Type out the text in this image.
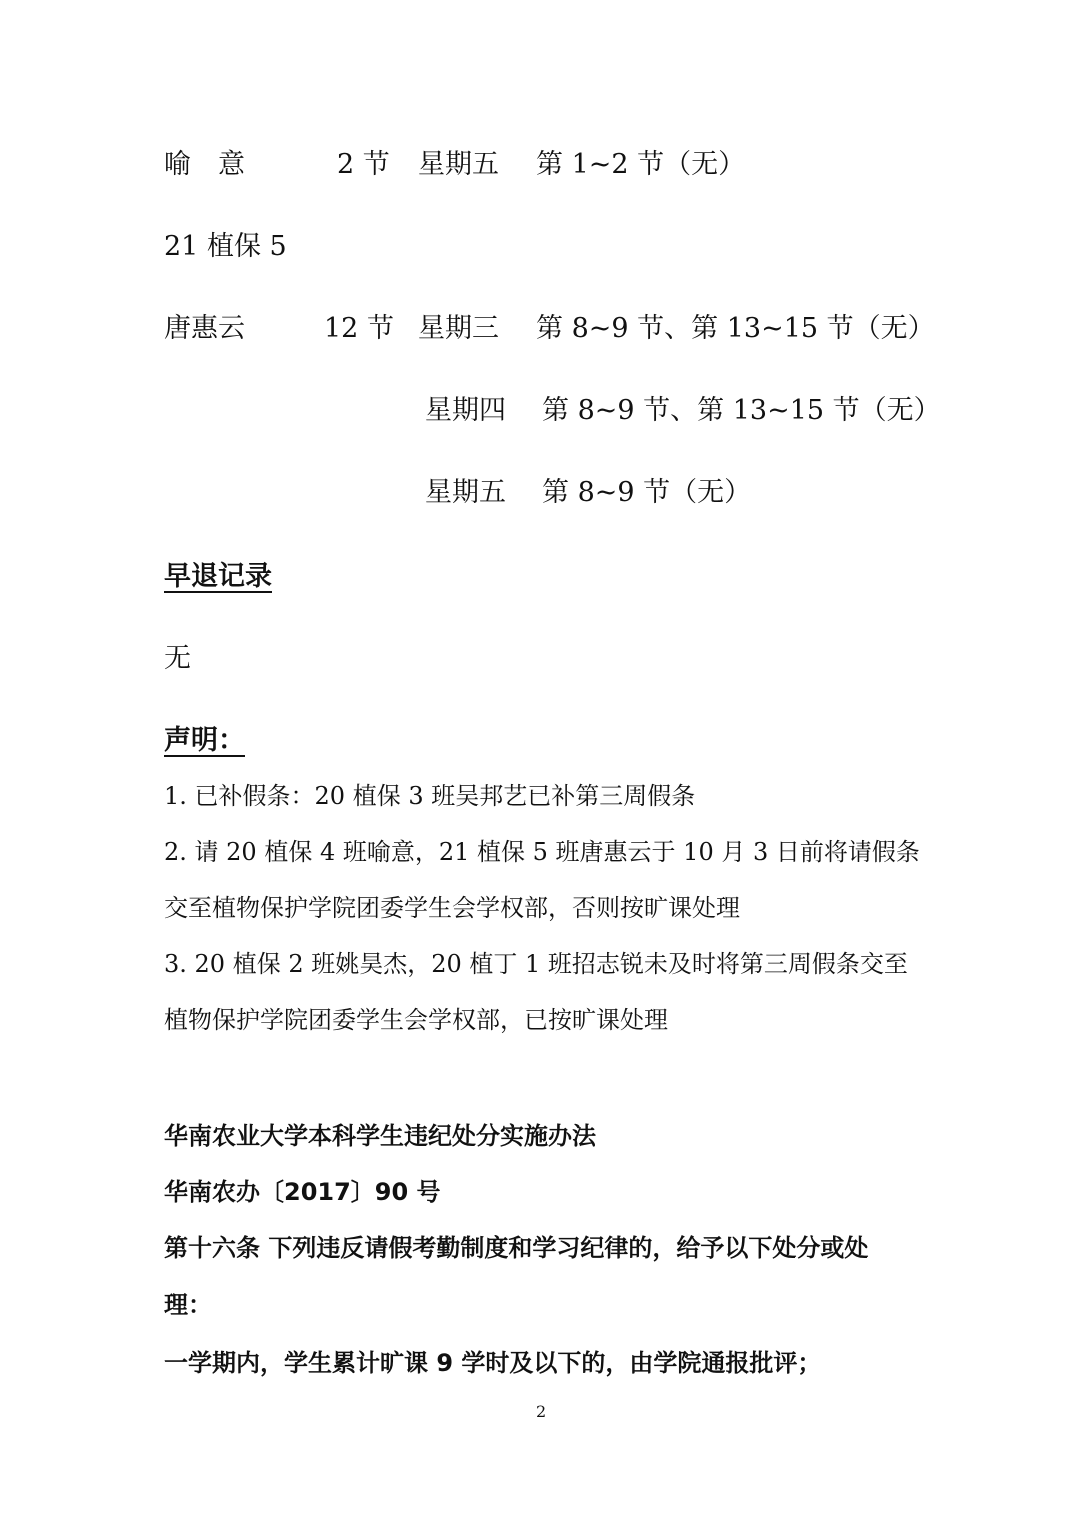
喻　意	2 节 星期五 第 1~2 节（无）
21 植保 5
唐惠云	12 节 星期三 第 8~9 节、第 13~15 节（无）
星期四 第 8~9 节、第 13~15 节（无）
星期五 第 8~9 节（无）
早退记录
无
声明：
1. 已补假条：20 植保 3 班吴邦艺已补第三周假条
2. 请 20 植保 4 班喻意，21 植保 5 班唐惠云于 10 月 3 日前将请假条
交至植物保护学院团委学生会学权部，否则按旷课处理
3. 20 植保 2 班姚昊杰，20 植丁 1 班招志锐未及时将第三周假条交至
植物保护学院团委学生会学权部，已按旷课处理
华南农业大学本科学生违纪处分实施办法
华南农办〔2017〕90 号
第十六条 下列违反请假考勤制度和学习纪律的，给予以下处分或处
理：
一学期内，学生累计旷课 9 学时及以下的，由学院通报批评；
2
